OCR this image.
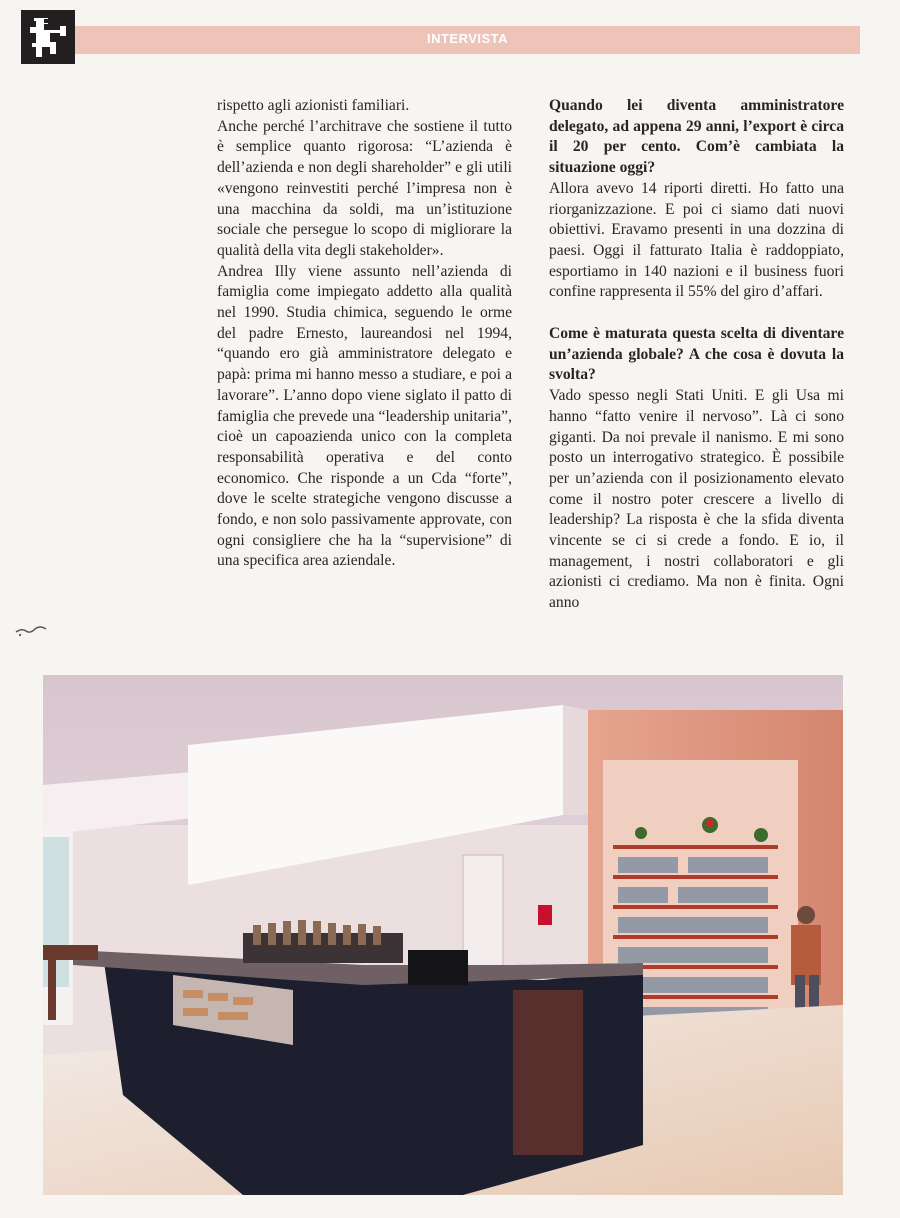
INTERVISTA

rispetto agli azionisti familiari.

Anche perché l’architrave che sostiene il tutto è semplice quanto rigorosa: “L’azienda è dell’azienda e non degli shareholder” e gli utili «vengono reinvestiti perché l’impresa non è una macchina da soldi, ma un’istituzione sociale che persegue lo scopo di migliorare la qualità della vita degli stakeholder».

Andrea Illy viene assunto nell’azienda di famiglia come impiegato addetto alla qualità nel 1990. Studia chimica, seguendo le orme del padre Ernesto, laureandosi nel 1994, “quando ero già amministratore delegato e papà: prima mi hanno messo a studiare, e poi a lavorare”. L’anno dopo viene siglato il patto di famiglia che prevede una “leadership unitaria”, cioè un capoazienda unico con la completa responsabilità operativa e del conto economico. Che risponde a un Cda “forte”, dove le scelte strategiche vengono discusse a fondo, e non solo passivamente approvate, con ogni consigliere che ha la “supervisione” di una specifica area aziendale.

Quando lei diventa amministratore delegato, ad appena 29 anni, l’export è circa il 20 per cento. Com’è cambiata la situazione oggi?

Allora avevo 14 riporti diretti. Ho fatto una riorganizzazione. E poi ci siamo dati nuovi obiettivi. Eravamo presenti in una dozzina di paesi. Oggi il fatturato Italia è raddoppiato, esportiamo in 140 nazioni e il business fuori confine rappresenta il 55% del giro d’affari.

Come è maturata questa scelta di diventare un’azienda globale? A che cosa è dovuta la svolta?

Vado spesso negli Stati Uniti. E gli Usa mi hanno “fatto venire il nervoso”. Là ci sono giganti. Da noi prevale il nanismo. E mi sono posto un interrogativo strategico. È possibile per un’azienda con il posizionamento elevato come il nostro poter crescere a livello di leadership? La risposta è che la sfida diventa vincente se ci si crede a fondo. E io, il management, i nostri collaboratori e gli azionisti ci crediamo. Ma non è finita. Ogni anno
